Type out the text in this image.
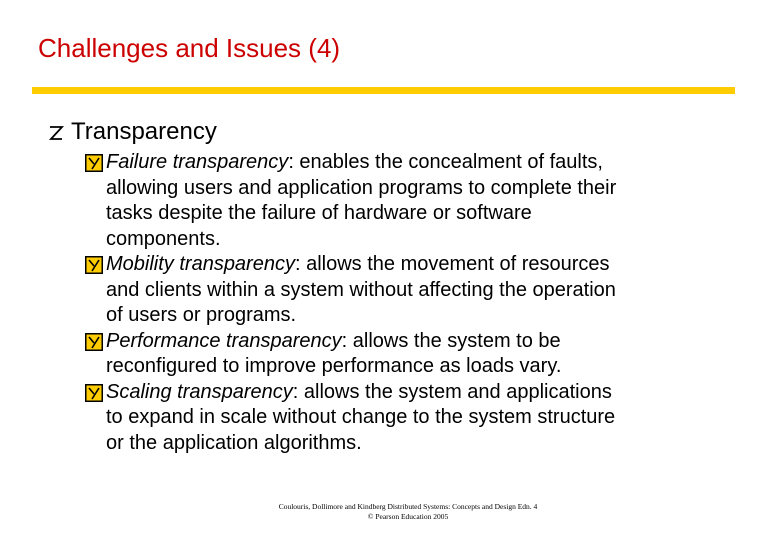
Challenges and Issues (4)
Transparency
Failure transparency: enables the concealment of faults,
allowing users and application programs to complete their
tasks despite the failure of hardware or software
components.
Mobility transparency: allows the movement of resources
and clients within a system without affecting the operation
of users or programs.
Performance transparency: allows the system to be
reconfigured to improve performance as loads vary.
Scaling transparency: allows the system and applications
to expand in scale without change to the system structure
or the application algorithms.
Coulouris, Dollimore and Kindberg Distributed Systems: Concepts and Design Edn. 4
© Pearson Education 2005
